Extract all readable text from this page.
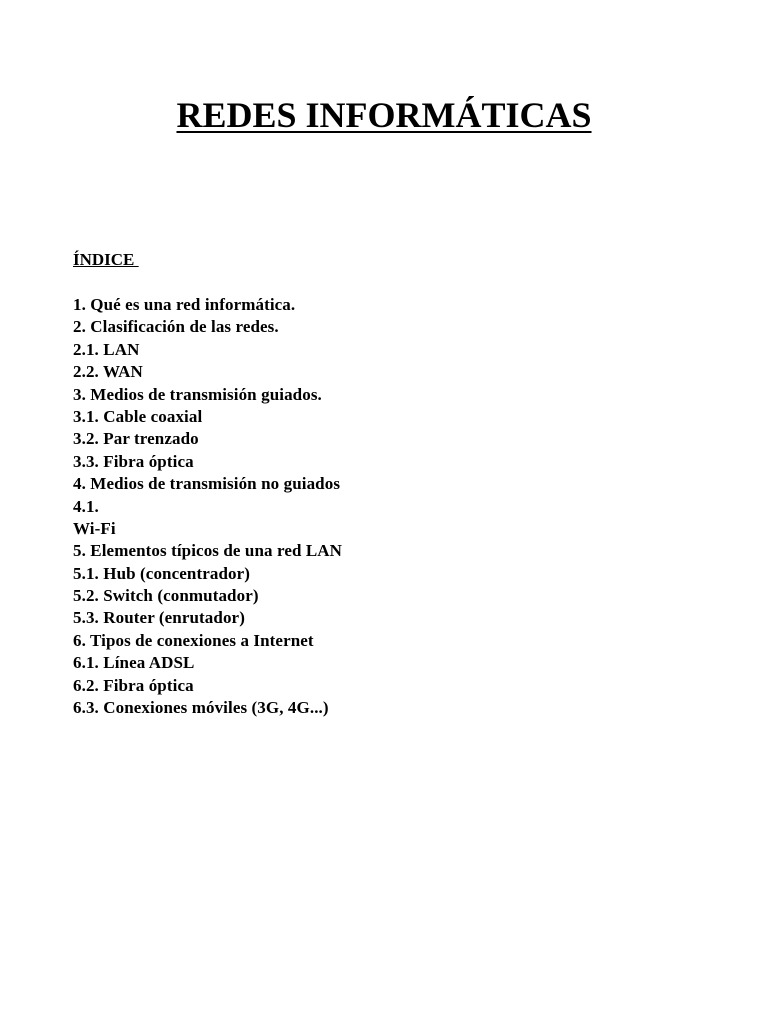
REDES INFORMÁTICAS

ÍNDICE

1. Qué es una red informática.
2. Clasificación de las redes.
2.1. LAN
2.2. WAN
3. Medios de transmisión guiados.
3.1. Cable coaxial
3.2. Par trenzado
3.3. Fibra óptica
4. Medios de transmisión no guiados
4.1.
Wi-Fi
5. Elementos típicos de una red LAN
5.1. Hub (concentrador)
5.2. Switch (conmutador)
5.3. Router (enrutador)
6. Tipos de conexiones a Internet
6.1. Línea ADSL
6.2. Fibra óptica
6.3. Conexiones móviles (3G, 4G...)
